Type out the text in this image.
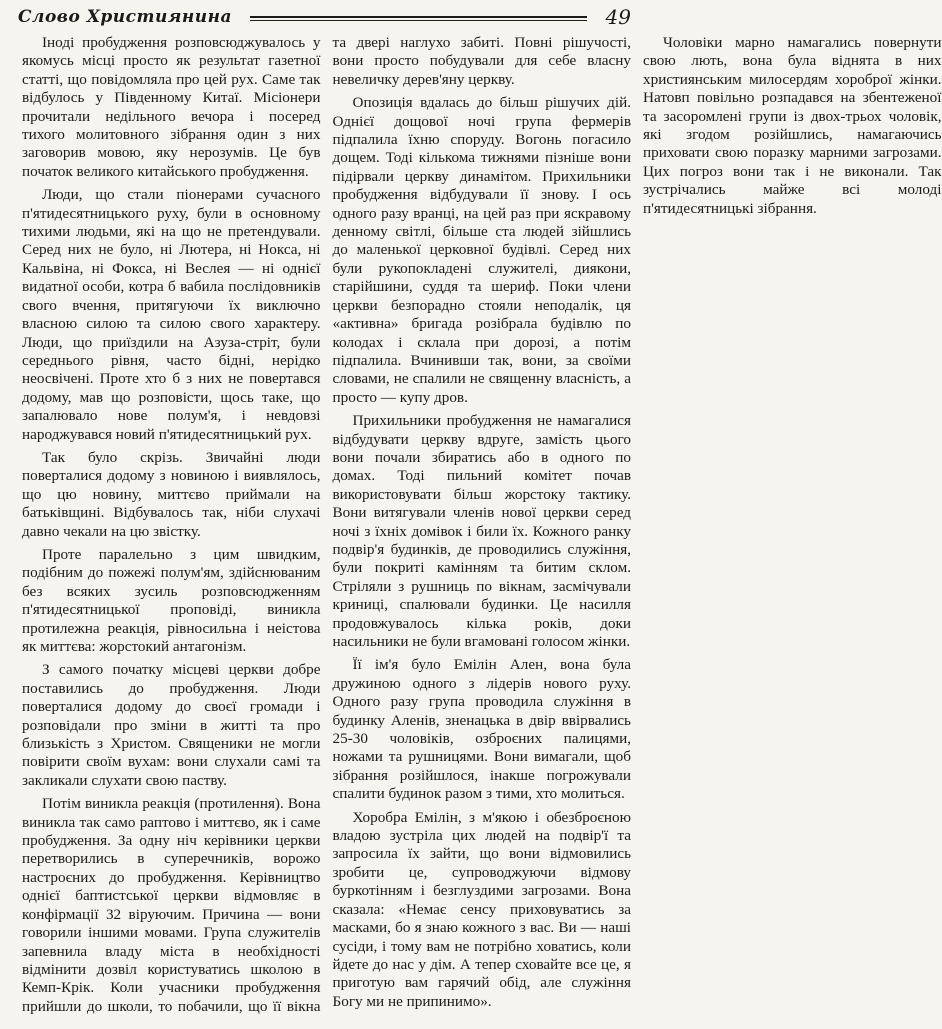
Слово Християнина	49

Іноді пробудження розповсюджувалось у якомусь місці просто як результат газетної статті, що повідомляла про цей рух. Саме так відбулось у Південному Китаї. Місіонери прочитали недільного вечора і посеред тихого молитовного зібрання один з них заговорив мовою, яку нерозумів. Це був початок великого китайського пробудження.

Люди, що стали піонерами сучасного п'ятидесятницького руху, були в основному тихими людьми, які на що не претендували. Серед них не було, ні Лютера, ні Нокса, ні Кальвіна, ні Фокса, ні Веслея — ні однієї видатної особи, котра б вабила послідовників свого вчення, притягуючи їх виключно власною силою та силою свого характеру. Люди, що приїздили на Азуза-стріт, були середнього рівня, часто бідні, нерідко неосвічені. Проте хто б з них не повертався додому, мав що розповісти, щось таке, що запалювало нове полум'я, і невдовзі народжувався новий п'ятидесятницький рух.

Так було скрізь. Звичайні люди поверталися додому з новиною і виявлялось, що цю новину, миттєво приймали на батьківщині. Відбувалось так, ніби слухачі давно чекали на цю звістку.

Проте паралельно з цим швидким, подібним до пожежі полум'ям, здійснюваним без всяких зусиль розповсюдженням п'ятидесятницької проповіді, виникла протилежна реакція, рівносильна і неістова як миттєва: жорстокий антагонізм.

З самого початку місцеві церкви добре поставились до пробудження. Люди поверталися додому до своєї громади і розповідали про зміни в житті та про близькість з Христом. Священики не могли повірити своїм вухам: вони слухали самі та закликали слухати свою паству.

Потім виникла реакція (протилення). Вона виникла так само раптово і миттєво, як і саме пробудження. За одну ніч керівники церкви перетворились в суперечників, ворожо настроєних до пробудження. Керівництво однієї баптистської церкви відмовляє в конфірмації 32 віруючим. Причина — вони говорили іншими мовами. Група служителів запевнила владу міста в необхідності відмінити дозвіл користуватись школою в Кемп-Крік. Коли учасники пробудження прийшли до школи, то побачили, що її вікна та двері наглухо забиті. Повні рішучості, вони просто побудували для себе власну невеличку дерев'яну церкву.

Опозиція вдалась до більш рішучих дій. Однієї дощової ночі група фермерів підпалила їхню споруду. Вогонь погасило дощем. Тоді кількома тижнями пізніше вони підірвали церкву динамітом. Прихильники пробудження відбудували її знову. І ось одного разу вранці, на цей раз при яскравому денному світлі, більше ста людей зійшлись до маленької церковної будівлі. Серед них були рукопокладені служителі, диякони, старійшини, суддя та шериф. Поки члени церкви безпорадно стояли неподалік, ця «активна» бригада розібрала будівлю по колодах і склала при дорозі, а потім підпалила. Вчинивши так, вони, за своїми словами, не спалили не священну власність, а просто — купу дров.

Прихильники пробудження не намагалися відбудувати церкву вдруге, замість цього вони почали збиратись або в одного по домах. Тоді пильний комітет почав використовувати більш жорстоку тактику. Вони витягували членів нової церкви серед ночі з їхніх домівок і били їх. Кожного ранку подвір'я будинків, де проводились служіння, були покриті камінням та битим склом. Стріляли з рушниць по вікнам, засмічували криниці, спалювали будинки. Це насилля продовжувалось кілька років, доки насильники не були вгамовані голосом жінки.

Її ім'я було Емілін Ален, вона була дружиною одного з лідерів нового руху. Одного разу група проводила служіння в будинку Аленів, зненацька в двір ввірвались 25-30 чоловіків, озброєних палицями, ножами та рушницями. Вони вимагали, щоб зібрання розійшлося, інакше погрожували спалити будинок разом з тими, хто молиться.

Хоробра Емілін, з м'якою і обезброєною владою зустріла цих людей на подвір'ї та запросила їх зайти, що вони відмовились зробити це, супроводжуючи відмову буркотінням і безглуздими загрозами. Вона сказала: «Немає сенсу приховуватись за масками, бо я знаю кожного з вас. Ви — наші сусіди, і тому вам не потрібно ховатись, коли йдете до нас у дім. А тепер сховайте все це, я приготую вам гарячий обід, але служіння Богу ми не припинимо».

Чоловіки марно намагались повернути свою лють, вона була віднята в них християнським милосердям хороброї жінки. Натовп повільно розпадався на збентеженої та засоромлені групи із двох-трьох чоловік, які згодом розійшлись, намагаючись приховати свою поразку марними загрозами. Цих погроз вони так і не виконали. Так зустрічались майже всі молоді п'ятидесятницькі зібрання.
